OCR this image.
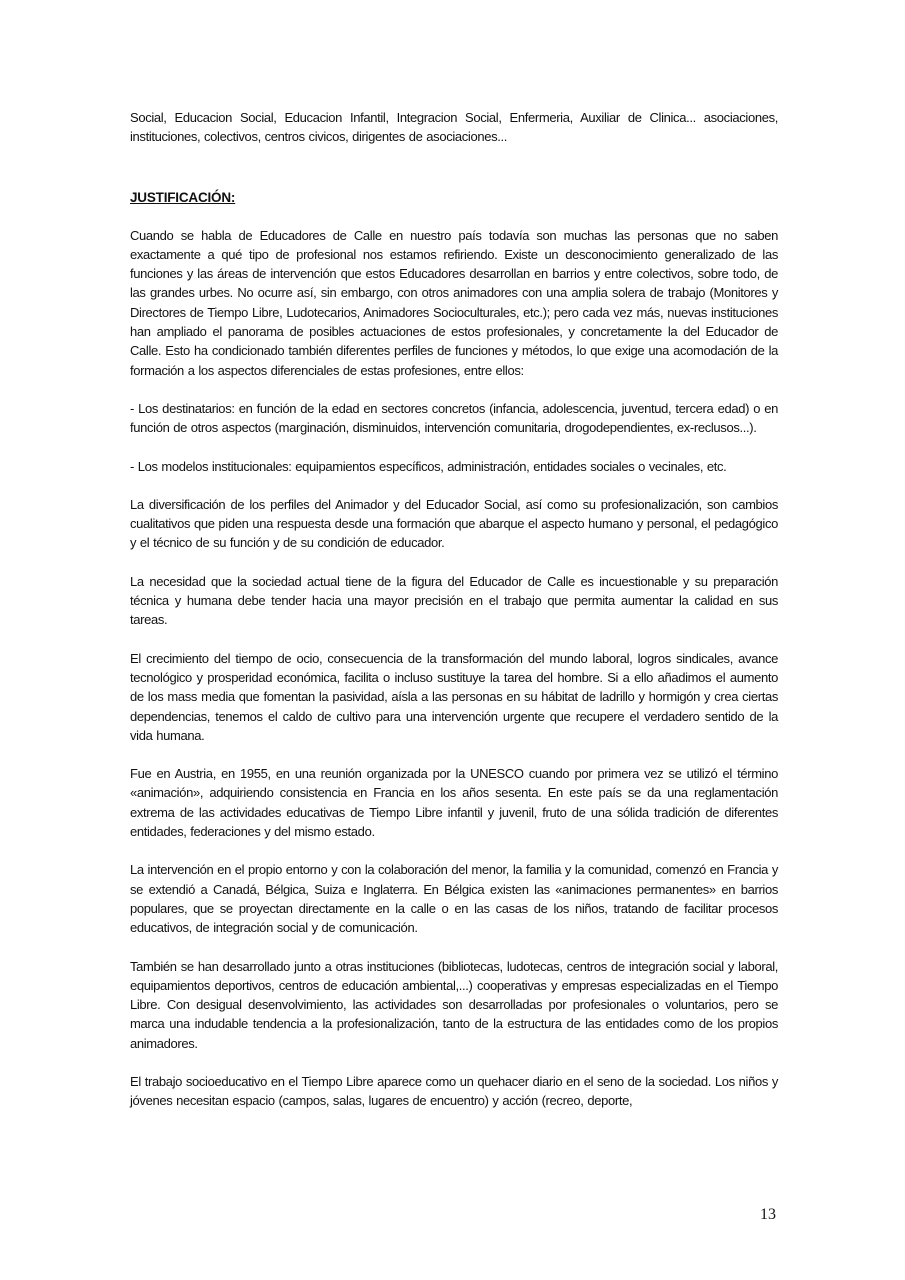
Social, Educacion Social, Educacion Infantil, Integracion Social, Enfermeria, Auxiliar de Clinica... asociaciones, instituciones, colectivos, centros civicos, dirigentes de asociaciones...

JUSTIFICACIÓN:

Cuando se habla de Educadores de Calle en nuestro país todavía son muchas las personas que no saben exactamente a qué tipo de profesional nos estamos refiriendo. Existe un desconocimiento generalizado de las funciones y las áreas de intervención que estos Educadores desarrollan en barrios y entre colectivos, sobre todo, de las grandes urbes. No ocurre así, sin embargo, con otros animadores con una amplia solera de trabajo (Monitores y Directores de Tiempo Libre, Ludotecarios, Animadores Socioculturales, etc.); pero cada vez más, nuevas instituciones han ampliado el panorama de posibles actuaciones de estos profesionales, y concretamente la del Educador de Calle. Esto ha condicionado también diferentes perfiles de funciones y métodos, lo que exige una acomodación de la formación a los aspectos diferenciales de estas profesiones, entre ellos:

- Los destinatarios: en función de la edad en sectores concretos (infancia, adolescencia, juventud, tercera edad) o en función de otros aspectos (marginación, disminuidos, intervención comunitaria, drogodependientes, ex-reclusos...).

- Los modelos institucionales: equipamientos específicos, administración, entidades sociales o vecinales, etc.

La diversificación de los perfiles del Animador y del Educador Social, así como su profesionalización, son cambios cualitativos que piden una respuesta desde una formación que abarque el aspecto humano y personal, el pedagógico y el técnico de su función y de su condición de educador.

La necesidad que la sociedad actual tiene de la figura del Educador de Calle es incuestionable y su preparación técnica y humana debe tender hacia una mayor precisión en el trabajo que permita aumentar la calidad en sus tareas.

El crecimiento del tiempo de ocio, consecuencia de la transformación del mundo laboral, logros sindicales, avance tecnológico y prosperidad económica, facilita o incluso sustituye la tarea del hombre. Si a ello añadimos el aumento de los mass media que fomentan la pasividad, aísla a las personas en su hábitat de ladrillo y hormigón y crea ciertas dependencias, tenemos el caldo de cultivo para una intervención urgente que recupere el verdadero sentido de la vida humana.

Fue en Austria, en 1955, en una reunión organizada por la UNESCO cuando por primera vez se utilizó el término «animación», adquiriendo consistencia en Francia en los años sesenta. En este país se da una reglamentación extrema de las actividades educativas de Tiempo Libre infantil y juvenil, fruto de una sólida tradición de diferentes entidades, federaciones y del mismo estado.

La intervención en el propio entorno y con la colaboración del menor, la familia y la comunidad, comenzó en Francia y se extendió a Canadá, Bélgica, Suiza e Inglaterra. En Bélgica existen las «animaciones permanentes» en barrios populares, que se proyectan directamente en la calle o en las casas de los niños, tratando de facilitar procesos educativos, de integración social y de comunicación.

También se han desarrollado junto a otras instituciones (bibliotecas, ludotecas, centros de integración social y laboral, equipamientos deportivos, centros de educación ambiental,...) cooperativas y empresas especializadas en el Tiempo Libre. Con desigual desenvolvimiento, las actividades son desarrolladas por profesionales o voluntarios, pero se marca una indudable tendencia a la profesionalización, tanto de la estructura de las entidades como de los propios animadores.

El trabajo socioeducativo en el Tiempo Libre aparece como un quehacer diario en el seno de la sociedad. Los niños y jóvenes necesitan espacio (campos, salas, lugares de encuentro) y acción (recreo, deporte,

13
